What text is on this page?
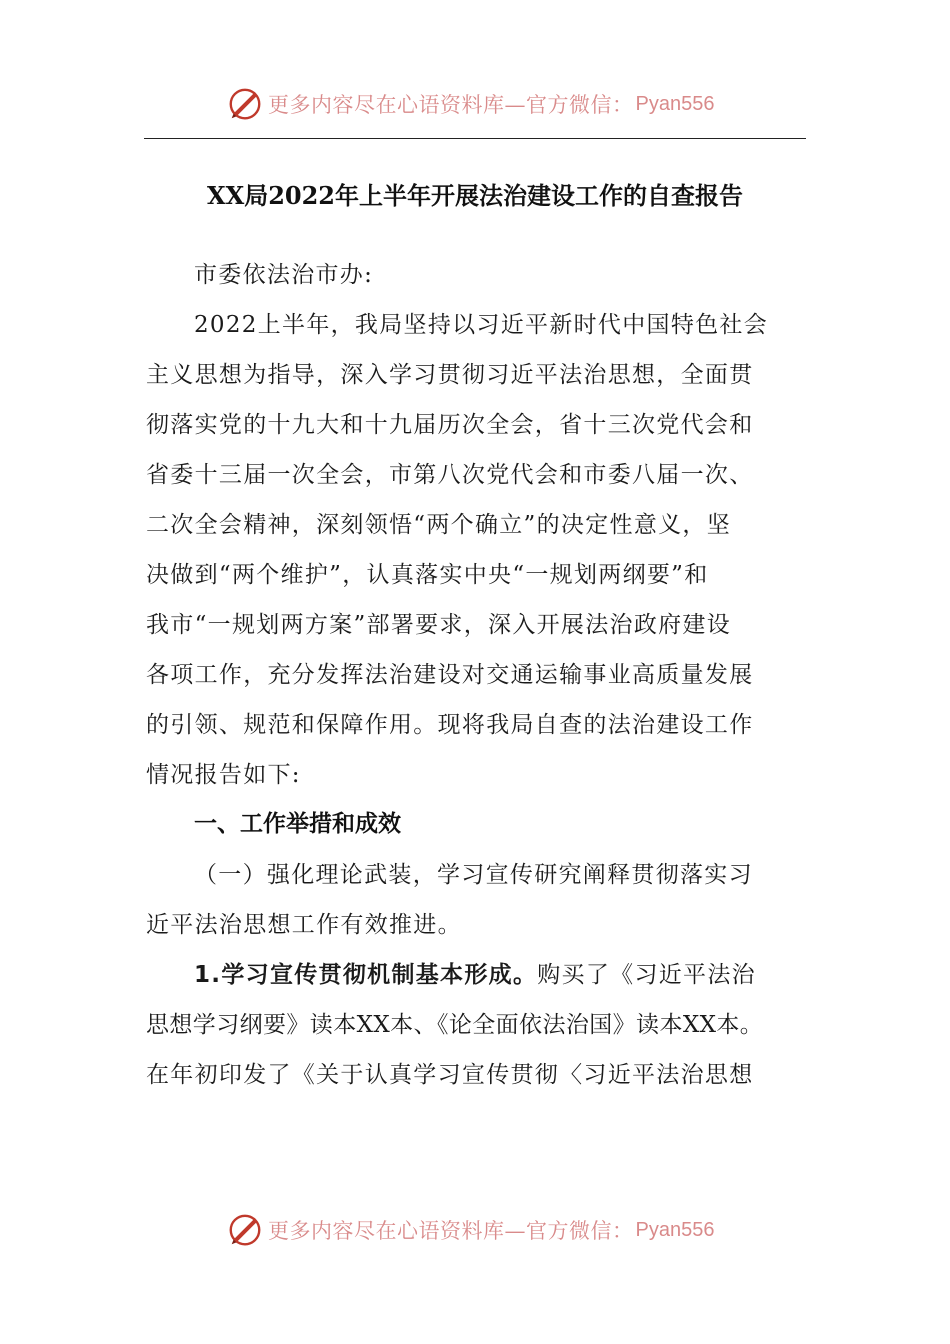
更多内容尽在心语资料库—官方微信： Pyan556
XX局2022年上半年开展法治建设工作的自查报告
市委依法治市办:
2022上半年，我局坚持以习近平新时代中国特色社会
主义思想为指导，深入学习贯彻习近平法治思想，全面贯
彻落实党的十九大和十九届历次全会，省十三次党代会和
省委十三届一次全会，市第八次党代会和市委八届一次、
二次全会精神，深刻领悟“两个确立”的决定性意义，坚
决做到“两个维护”，认真落实中央“一规划两纲要”和
我市“一规划两方案”部署要求，深入开展法治政府建设
各项工作，充分发挥法治建设对交通运输事业高质量发展
的引领、规范和保障作用。现将我局自查的法治建设工作
情况报告如下:
一、工作举措和成效
（一）强化理论武装，学习宣传研究阐释贯彻落实习
近平法治思想工作有效推进。
1.学习宣传贯彻机制基本形成。购买了《习近平法治
思想学习纲要》读本XX本、《论全面依法治国》读本XX本。
在年初印发了《关于认真学习宣传贯彻〈习近平法治思想
更多内容尽在心语资料库—官方微信： Pyan556
